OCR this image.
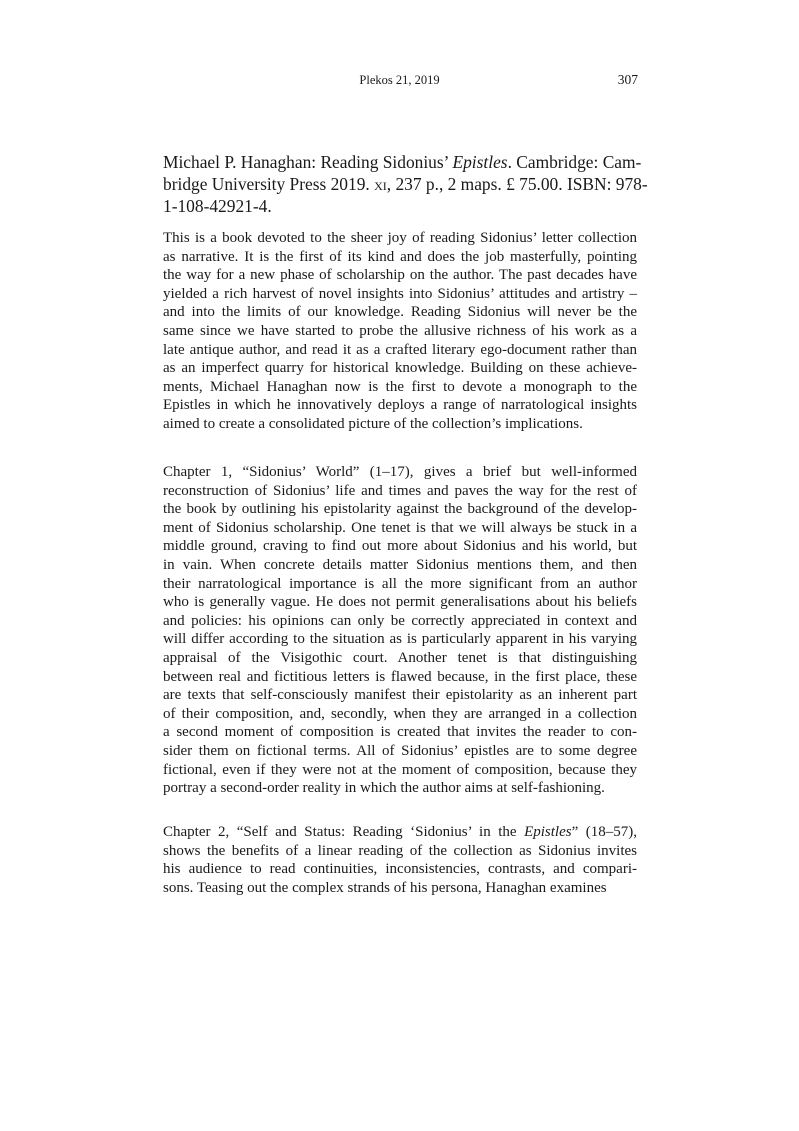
Plekos 21, 2019	307
Michael P. Hanaghan: Reading Sidonius’ Epistles. Cambridge: Cam-
bridge University Press 2019. xi, 237 p., 2 maps. £ 75.00. ISBN: 978-
1-108-42921-4.
This is a book devoted to the sheer joy of reading Sidonius’ letter collection
as narrative. It is the first of its kind and does the job masterfully, pointing
the way for a new phase of scholarship on the author. The past decades have
yielded a rich harvest of novel insights into Sidonius’ attitudes and artistry –
and into the limits of our knowledge. Reading Sidonius will never be the
same since we have started to probe the allusive richness of his work as a
late antique author, and read it as a crafted literary ego-document rather than
as an imperfect quarry for historical knowledge. Building on these achieve-
ments, Michael Hanaghan now is the first to devote a monograph to the
Epistles in which he innovatively deploys a range of narratological insights
aimed to create a consolidated picture of the collection’s implications.
Chapter 1, “Sidonius’ World” (1–17), gives a brief but well-informed
reconstruction of Sidonius’ life and times and paves the way for the rest of
the book by outlining his epistolarity against the background of the develop-
ment of Sidonius scholarship. One tenet is that we will always be stuck in a
middle ground, craving to find out more about Sidonius and his world, but
in vain. When concrete details matter Sidonius mentions them, and then
their narratological importance is all the more significant from an author
who is generally vague. He does not permit generalisations about his beliefs
and policies: his opinions can only be correctly appreciated in context and
will differ according to the situation as is particularly apparent in his varying
appraisal of the Visigothic court. Another tenet is that distinguishing
between real and fictitious letters is flawed because, in the first place, these
are texts that self-consciously manifest their epistolarity as an inherent part
of their composition, and, secondly, when they are arranged in a collection
a second moment of composition is created that invites the reader to con-
sider them on fictional terms. All of Sidonius’ epistles are to some degree
fictional, even if they were not at the moment of composition, because they
portray a second-order reality in which the author aims at self-fashioning.
Chapter 2, “Self and Status: Reading ‘Sidonius’ in the Epistles” (18–57),
shows the benefits of a linear reading of the collection as Sidonius invites
his audience to read continuities, inconsistencies, contrasts, and compari-
sons. Teasing out the complex strands of his persona, Hanaghan examines
